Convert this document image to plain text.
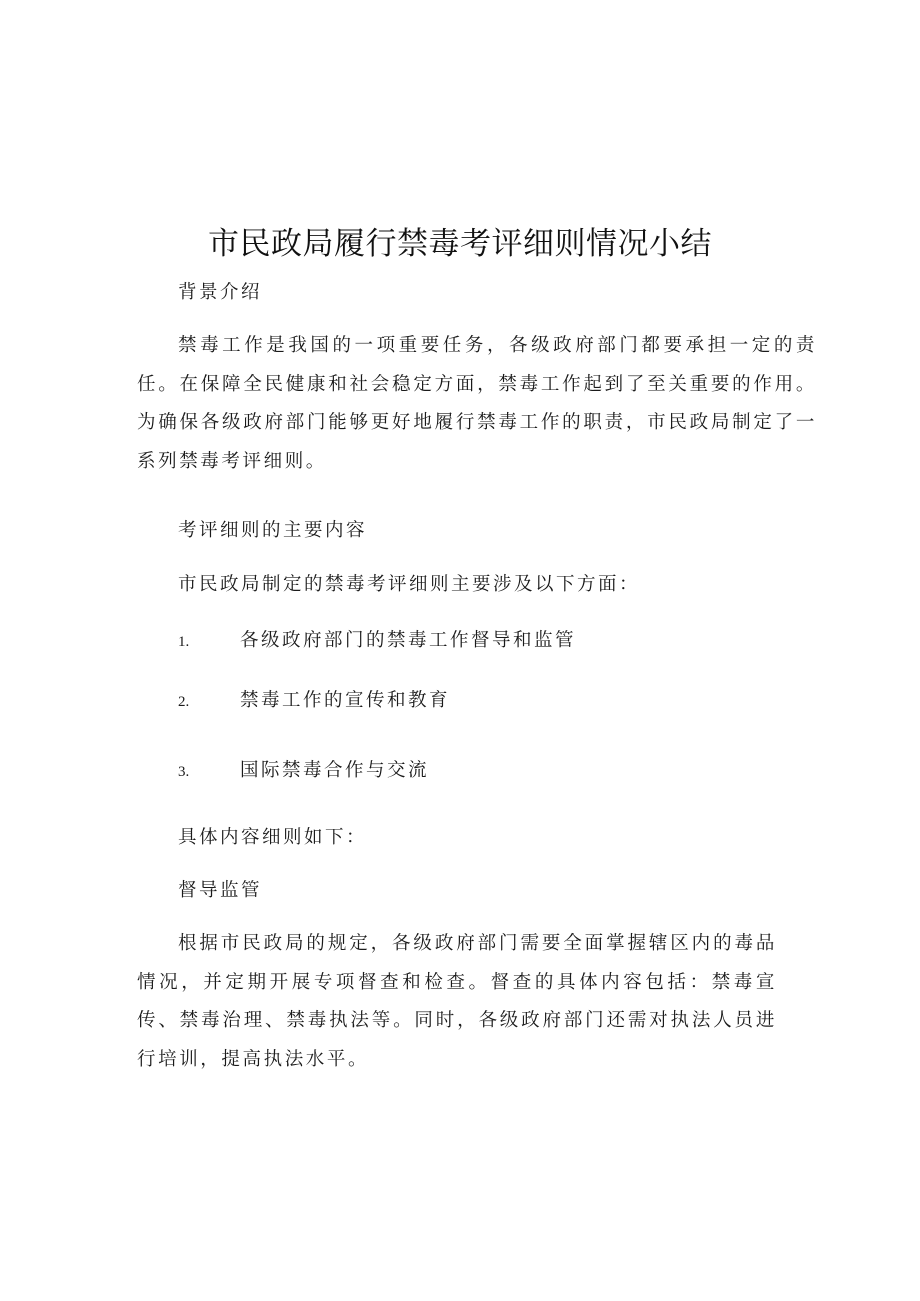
市民政局履行禁毒考评细则情况小结

背景介绍

禁毒工作是我国的一项重要任务，各级政府部门都要承担一定的责任。在保障全民健康和社会稳定方面，禁毒工作起到了至关重要的作用。为确保各级政府部门能够更好地履行禁毒工作的职责，市民政局制定了一系列禁毒考评细则。

考评细则的主要内容

市民政局制定的禁毒考评细则主要涉及以下方面：

1.	各级政府部门的禁毒工作督导和监管
2.	禁毒工作的宣传和教育
3.	国际禁毒合作与交流

具体内容细则如下：

督导监管

根据市民政局的规定，各级政府部门需要全面掌握辖区内的毒品情况，并定期开展专项督查和检查。督查的具体内容包括：禁毒宣传、禁毒治理、禁毒执法等。同时，各级政府部门还需对执法人员进行培训，提高执法水平。
